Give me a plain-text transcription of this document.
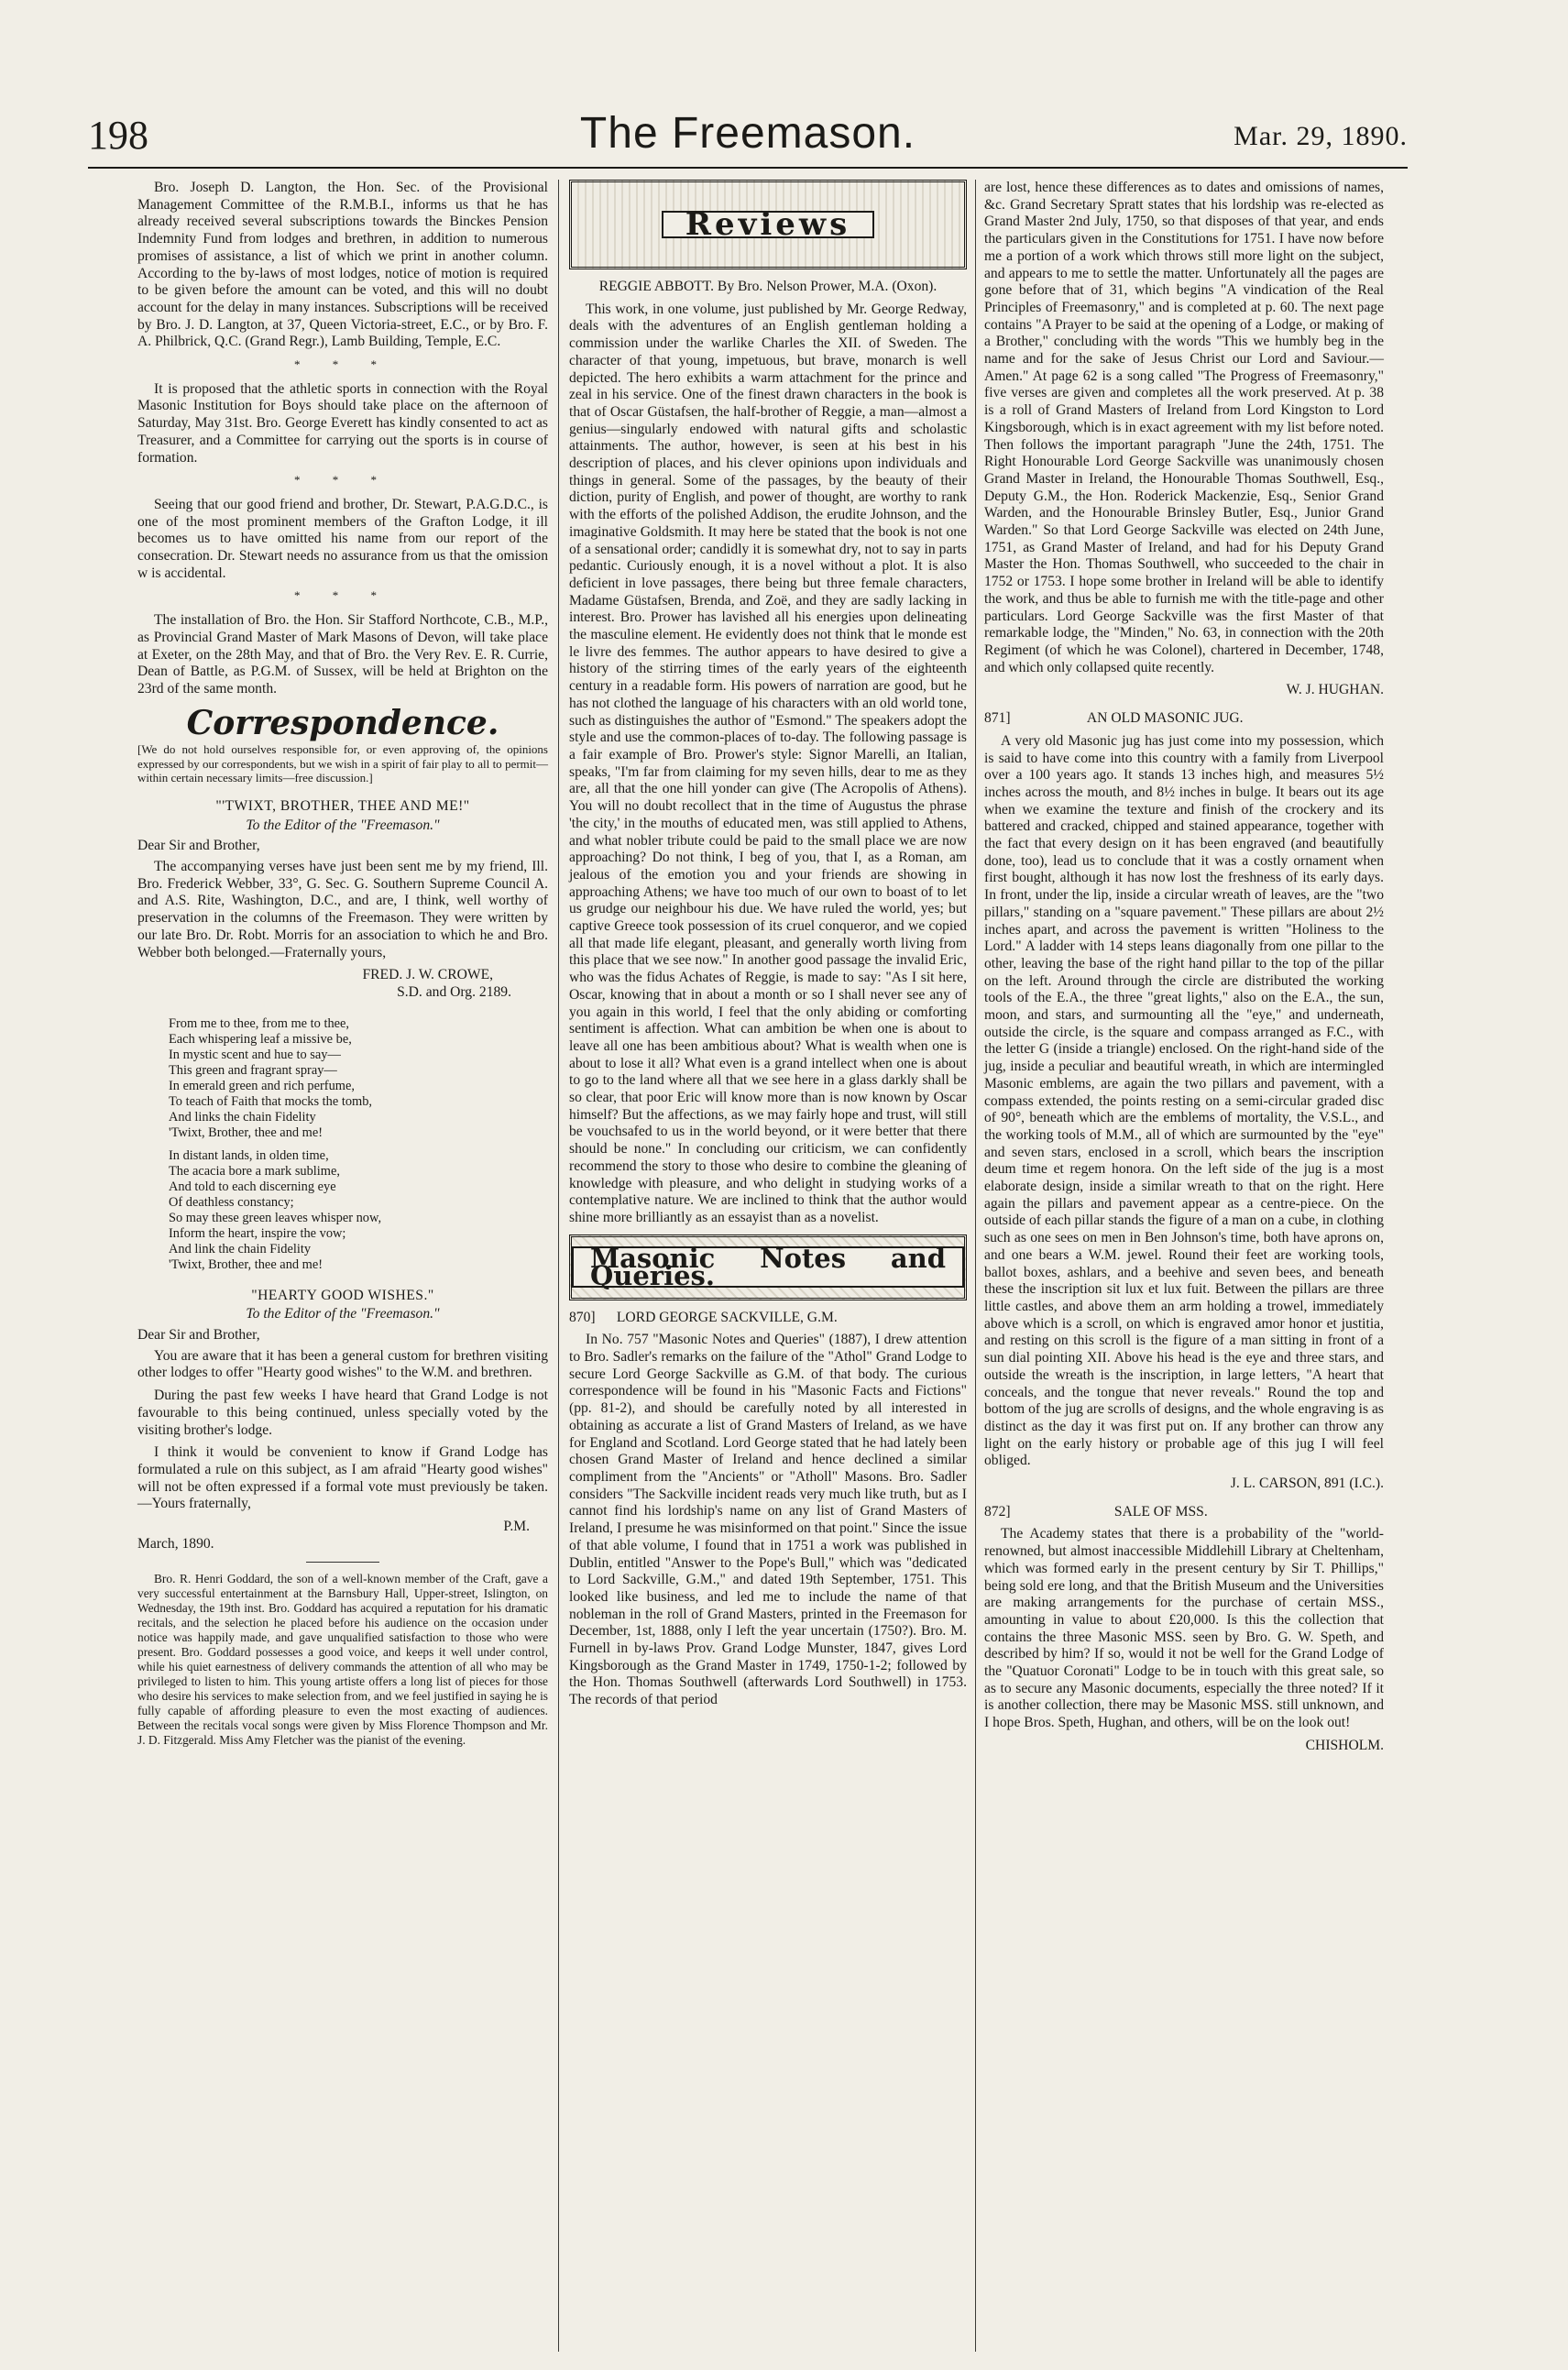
198	The Freemason.	Mar. 29, 1890.

Bro. Joseph D. Langton, the Hon. Sec. of the Provisional Management Committee of the R.M.B.I., informs us that he has already received several subscriptions towards the Binckes Pension Indemnity Fund from lodges and brethren, in addition to numerous promises of assistance, a list of which we print in another column. According to the by-laws of most lodges, notice of motion is required to be given before the amount can be voted, and this will no doubt account for the delay in many instances. Subscriptions will be received by Bro. J. D. Langton, at 37, Queen Victoria-street, E.C., or by Bro. F. A. Philbrick, Q.C. (Grand Regr.), Lamb Building, Temple, E.C.

* * *

It is proposed that the athletic sports in connection with the Royal Masonic Institution for Boys should take place on the afternoon of Saturday, May 31st. Bro. George Everett has kindly consented to act as Treasurer, and a Committee for carrying out the sports is in course of formation.

* * *

Seeing that our good friend and brother, Dr. Stewart, P.A.G.D.C., is one of the most prominent members of the Grafton Lodge, it ill becomes us to have omitted his name from our report of the consecration. Dr. Stewart needs no assurance from us that the omission w is accidental.

* * *

The installation of Bro. the Hon. Sir Stafford Northcote, C.B., M.P., as Provincial Grand Master of Mark Masons of Devon, will take place at Exeter, on the 28th May, and that of Bro. the Very Rev. E. R. Currie, Dean of Battle, as P.G.M. of Sussex, will be held at Brighton on the 23rd of the same month.

Correspondence.

[We do not hold ourselves responsible for, or even approving of, the opinions expressed by our correspondents, but we wish in a spirit of fair play to all to permit—within certain necessary limits—free discussion.]

"'TWIXT, BROTHER, THEE AND ME!"
To the Editor of the "Freemason."

Dear Sir and Brother,

The accompanying verses have just been sent me by my friend, Ill. Bro. Frederick Webber, 33°, G. Sec. G. Southern Supreme Council A. and A.S. Rite, Washington, D.C., and are, I think, well worthy of preservation in the columns of the Freemason. They were written by our late Bro. Dr. Robt. Morris for an association to which he and Bro. Webber both belonged.—Fraternally yours,

FRED. J. W. CROWE,
S.D. and Org. 2189.
From me to thee, from me to thee,
Each whispering leaf a missive be,
In mystic scent and hue to say—
This green and fragrant spray—
In emerald green and rich perfume,
To teach of Faith that mocks the tomb,
And links the chain Fidelity
'Twixt, Brother, thee and me!
In distant lands, in olden time,
The acacia bore a mark sublime,
And told to each discerning eye
Of deathless constancy;
So may these green leaves whisper now,
Inform the heart, inspire the vow;
And link the chain Fidelity
'Twixt, Brother, thee and me!
"HEARTY GOOD WISHES."
To the Editor of the "Freemason."

Dear Sir and Brother,

You are aware that it has been a general custom for brethren visiting other lodges to offer "Hearty good wishes" to the W.M. and brethren.

During the past few weeks I have heard that Grand Lodge is not favourable to this being continued, unless specially voted by the visiting brother's lodge.

I think it would be convenient to know if Grand Lodge has formulated a rule on this subject, as I am afraid "Hearty good wishes" will not be often expressed if a formal vote must previously be taken.—Yours fraternally,

P.M.

March, 1890.

Bro. R. Henri Goddard, the son of a well-known member of the Craft, gave a very successful entertainment at the Barnsbury Hall, Upper-street, Islington, on Wednesday, the 19th inst. Bro. Goddard has acquired a reputation for his dramatic recitals, and the selection he placed before his audience on the occasion under notice was happily made, and gave unqualified satisfaction to those who were present. Bro. Goddard possesses a good voice, and keeps it well under control, while his quiet earnestness of delivery commands the attention of all who may be privileged to listen to him. This young artiste offers a long list of pieces for those who desire his services to make selection from, and we feel justified in saying he is fully capable of affording pleasure to even the most exacting of audiences. Between the recitals vocal songs were given by Miss Florence Thompson and Mr. J. D. Fitzgerald. Miss Amy Fletcher was the pianist of the evening.

Reviews
REGGIE ABBOTT. By Bro. Nelson Prower, M.A. (Oxon).

This work, in one volume, just published by Mr. George Redway, deals with the adventures of an English gentleman holding a commission under the warlike Charles the XII. of Sweden. The character of that young, impetuous, but brave, monarch is well depicted. The hero exhibits a warm attachment for the prince and zeal in his service. One of the finest drawn characters in the book is that of Oscar Güstafsen, the half-brother of Reggie, a man—almost a genius—singularly endowed with natural gifts and scholastic attainments. The author, however, is seen at his best in his description of places, and his clever opinions upon individuals and things in general. Some of the passages, by the beauty of their diction, purity of English, and power of thought, are worthy to rank with the efforts of the polished Addison, the erudite Johnson, and the imaginative Goldsmith. It may here be stated that the book is not one of a sensational order; candidly it is somewhat dry, not to say in parts pedantic. Curiously enough, it is a novel without a plot. It is also deficient in love passages, there being but three female characters, Madame Güstafsen, Brenda, and Zoë, and they are sadly lacking in interest. Bro. Prower has lavished all his energies upon delineating the masculine element. He evidently does not think that le monde est le livre des femmes. The author appears to have desired to give a history of the stirring times of the early years of the eighteenth century in a readable form. His powers of narration are good, but he has not clothed the language of his characters with an old world tone, such as distinguishes the author of "Esmond." The speakers adopt the style and use the common-places of to-day. The following passage is a fair example of Bro. Prower's style: Signor Marelli, an Italian, speaks, "I'm far from claiming for my seven hills, dear to me as they are, all that the one hill yonder can give (The Acropolis of Athens). You will no doubt recollect that in the time of Augustus the phrase 'the city,' in the mouths of educated men, was still applied to Athens, and what nobler tribute could be paid to the small place we are now approaching? Do not think, I beg of you, that I, as a Roman, am jealous of the emotion you and your friends are showing in approaching Athens; we have too much of our own to boast of to let us grudge our neighbour his due. We have ruled the world, yes; but captive Greece took possession of its cruel conqueror, and we copied all that made life elegant, pleasant, and generally worth living from this place that we see now." In another good passage the invalid Eric, who was the fidus Achates of Reggie, is made to say: "As I sit here, Oscar, knowing that in about a month or so I shall never see any of you again in this world, I feel that the only abiding or comforting sentiment is affection. What can ambition be when one is about to leave all one has been ambitious about? What is wealth when one is about to lose it all? What even is a grand intellect when one is about to go to the land where all that we see here in a glass darkly shall be so clear, that poor Eric will know more than is now known by Oscar himself? But the affections, as we may fairly hope and trust, will still be vouchsafed to us in the world beyond, or it were better that there should be none." In concluding our criticism, we can confidently recommend the story to those who desire to combine the gleaning of knowledge with pleasure, and who delight in studying works of a contemplative nature. We are inclined to think that the author would shine more brilliantly as an essayist than as a novelist.

Masonic Notes and Queries.
870] LORD GEORGE SACKVILLE, G.M.

In No. 757 "Masonic Notes and Queries" (1887), I drew attention to Bro. Sadler's remarks on the failure of the "Athol" Grand Lodge to secure Lord George Sackville as G.M. of that body. The curious correspondence will be found in his "Masonic Facts and Fictions" (pp. 81-2), and should be carefully noted by all interested in obtaining as accurate a list of Grand Masters of Ireland, as we have for England and Scotland. Lord George stated that he had lately been chosen Grand Master of Ireland and hence declined a similar compliment from the "Ancients" or "Atholl" Masons. Bro. Sadler considers "The Sackville incident reads very much like truth, but as I cannot find his lordship's name on any list of Grand Masters of Ireland, I presume he was misinformed on that point." Since the issue of that able volume, I found that in 1751 a work was published in Dublin, entitled "Answer to the Pope's Bull," which was "dedicated to Lord Sackville, G.M.," and dated 19th September, 1751. This looked like business, and led me to include the name of that nobleman in the roll of Grand Masters, printed in the Freemason for December, 1st, 1888, only I left the year uncertain (1750?). Bro. M. Furnell in by-laws Prov. Grand Lodge Munster, 1847, gives Lord Kingsborough as the Grand Master in 1749, 1750-1-2; followed by the Hon. Thomas Southwell (afterwards Lord Southwell) in 1753. The records of that period

are lost, hence these differences as to dates and omissions of names, &c. Grand Secretary Spratt states that his lordship was re-elected as Grand Master 2nd July, 1750, so that disposes of that year, and ends the particulars given in the Constitutions for 1751. I have now before me a portion of a work which throws still more light on the subject, and appears to me to settle the matter. Unfortunately all the pages are gone before that of 31, which begins "A vindication of the Real Principles of Freemasonry," and is completed at p. 60. The next page contains "A Prayer to be said at the opening of a Lodge, or making of a Brother," concluding with the words "This we humbly beg in the name and for the sake of Jesus Christ our Lord and Saviour.—Amen." At page 62 is a song called "The Progress of Freemasonry," five verses are given and completes all the work preserved. At p. 38 is a roll of Grand Masters of Ireland from Lord Kingston to Lord Kingsborough, which is in exact agreement with my list before noted. Then follows the important paragraph "June the 24th, 1751. The Right Honourable Lord George Sackville was unanimously chosen Grand Master in Ireland, the Honourable Thomas Southwell, Esq., Deputy G.M., the Hon. Roderick Mackenzie, Esq., Senior Grand Warden, and the Honourable Brinsley Butler, Esq., Junior Grand Warden." So that Lord George Sackville was elected on 24th June, 1751, as Grand Master of Ireland, and had for his Deputy Grand Master the Hon. Thomas Southwell, who succeeded to the chair in 1752 or 1753. I hope some brother in Ireland will be able to identify the work, and thus be able to furnish me with the title-page and other particulars. Lord George Sackville was the first Master of that remarkable lodge, the "Minden," No. 63, in connection with the 20th Regiment (of which he was Colonel), chartered in December, 1748, and which only collapsed quite recently.

W. J. HUGHAN.
871]	AN OLD MASONIC JUG.

A very old Masonic jug has just come into my possession, which is said to have come into this country with a family from Liverpool over a 100 years ago. It stands 13 inches high, and measures 5½ inches across the mouth, and 8½ inches in bulge. It bears out its age when we examine the texture and finish of the crockery and its battered and cracked, chipped and stained appearance, together with the fact that every design on it has been engraved (and beautifully done, too), lead us to conclude that it was a costly ornament when first bought, although it has now lost the freshness of its early days. In front, under the lip, inside a circular wreath of leaves, are the "two pillars," standing on a "square pavement." These pillars are about 2½ inches apart, and across the pavement is written "Holiness to the Lord." A ladder with 14 steps leans diagonally from one pillar to the other, leaving the base of the right hand pillar to the top of the pillar on the left. Around through the circle are distributed the working tools of the E.A., the three "great lights," also on the E.A., the sun, moon, and stars, and surmounting all the "eye," and underneath, outside the circle, is the square and compass arranged as F.C., with the letter G (inside a triangle) enclosed. On the right-hand side of the jug, inside a peculiar and beautiful wreath, in which are intermingled Masonic emblems, are again the two pillars and pavement, with a compass extended, the points resting on a semi-circular graded disc of 90°, beneath which are the emblems of mortality, the V.S.L., and the working tools of M.M., all of which are surmounted by the "eye" and seven stars, enclosed in a scroll, which bears the inscription deum time et regem honora. On the left side of the jug is a most elaborate design, inside a similar wreath to that on the right. Here again the pillars and pavement appear as a centre-piece. On the outside of each pillar stands the figure of a man on a cube, in clothing such as one sees on men in Ben Johnson's time, both have aprons on, and one bears a W.M. jewel. Round their feet are working tools, ballot boxes, ashlars, and a beehive and seven bees, and beneath these the inscription sit lux et lux fuit. Between the pillars are three little castles, and above them an arm holding a trowel, immediately above which is a scroll, on which is engraved amor honor et justitia, and resting on this scroll is the figure of a man sitting in front of a sun dial pointing XII. Above his head is the eye and three stars, and outside the wreath is the inscription, in large letters, "A heart that conceals, and the tongue that never reveals." Round the top and bottom of the jug are scrolls of designs, and the whole engraving is as distinct as the day it was first put on. If any brother can throw any light on the early history or probable age of this jug I will feel obliged.

J. L. CARSON, 891 (I.C.).
872]	SALE OF MSS.

The Academy states that there is a probability of the "world-renowned, but almost inaccessible Middlehill Library at Cheltenham, which was formed early in the present century by Sir T. Phillips," being sold ere long, and that the British Museum and the Universities are making arrangements for the purchase of certain MSS., amounting in value to about £20,000. Is this the collection that contains the three Masonic MSS. seen by Bro. G. W. Speth, and described by him? If so, would it not be well for the Grand Lodge of the "Quatuor Coronati" Lodge to be in touch with this great sale, so as to secure any Masonic documents, especially the three noted? If it is another collection, there may be Masonic MSS. still unknown, and I hope Bros. Speth, Hughan, and others, will be on the look out!

CHISHOLM.
